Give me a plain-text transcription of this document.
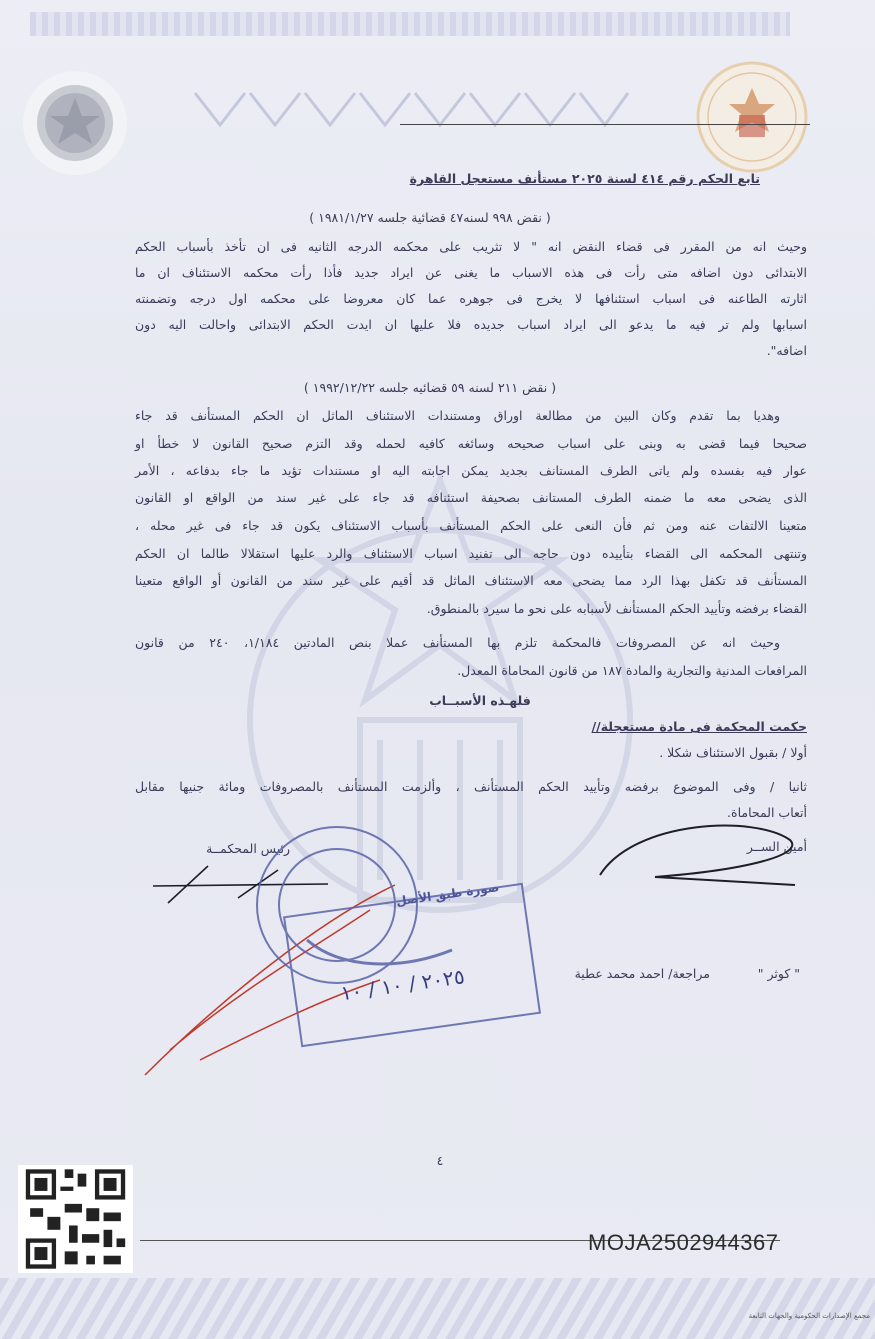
تابع الحكم رقم ٤١٤ لسنة ٢٠٢٥ مستأنف مستعجل القاهرة
( نقض ٩٩٨ لسنه٤٧ قضائية جلسه ١٩٨١/١/٢٧ )
وحيث انه من المقرر فى قضاء النقض انه " لا تثريب على محكمه الدرجه الثانيه فى ان تأخذ بأسباب الحكم
الابتدائى دون اضافه متى رأت فى هذه الاسباب ما يغنى عن ايراد جديد فأذا رأت محكمه الاستئناف ان ما
اثارته الطاعنه فى اسباب استئنافها لا يخرج فى جوهره عما كان معروضا على محكمه اول درجه وتضمنته
اسبابها ولم تر فيه ما يدعو الى ايراد اسباب جديده فلا عليها ان ايدت الحكم الابتدائى واحالت اليه دون
اضافه".
( نقض ٢١١ لسنه ٥٩ قضائيه جلسه ١٩٩٢/١٢/٢٢ )
وهديا بما تقدم وكان البين من مطالعة اوراق ومستندات الاستئناف الماثل ان الحكم المستأنف قد جاء
صحيحا فيما قضى به وبنى على اسباب صحيحه وسائغه كافيه لحمله وقد التزم صحيح القانون لا خطأ او
عوار فيه بفسده ولم ياتى الطرف المستانف بجديد يمكن اجابته اليه او مستندات تؤيد ما جاء بدفاعه ، الأمر
الذى يضحى معه ما ضمنه الطرف المستانف بصحيفة استئنافه قد جاء على غير سند من الواقع او القانون
متعينا الالتفات عنه ومن ثم فأن النعى على الحكم المستأنف بأسباب الاستئناف يكون قد جاء فى غير محله ،
وتنتهى المحكمه الى القضاء بتأييده دون حاجه الى تفنيد اسباب الاستئناف والرد عليها استقلالا طالما ان الحكم
المستأنف قد تكفل بهذا الرد مما يضحى معه الاستئناف الماثل قد أقيم على غير سند من القانون أو الواقع متعينا
القضاء برفضه وتأييد الحكم المستأنف لأسبابه على نحو ما سيرد بالمنطوق.
وحيث انه عن المصروفات فالمحكمة تلزم بها المستأنف عملا بنص المادتين ١/١٨٤، ٢٤٠ من قانون
المرافعات المدنية والتجارية والمادة ١٨٧ من قانون المحاماة المعدل.
فلهـذه الأسبــاب
حكمت المحكمة فى مادة مستعجلة//
أولا / بقبول الاستئناف شكلا .
ثانيا / وفى الموضوع برفضه وتأييد الحكم المستأنف ، وألزمت المستأنف بالمصروفات ومائة جنيها مقابل
أتعاب المحاماة.
أمين الســر
رئيس المحكمــة
صورة طبق الأصل
٢٠٢٥ / ١٠ / ١٠	" كوثر "
مراجعة/ احمد محمد عطية
٤
MOJA2502944367
مجمع الإصدارات الحكومية والجهات التابعة
